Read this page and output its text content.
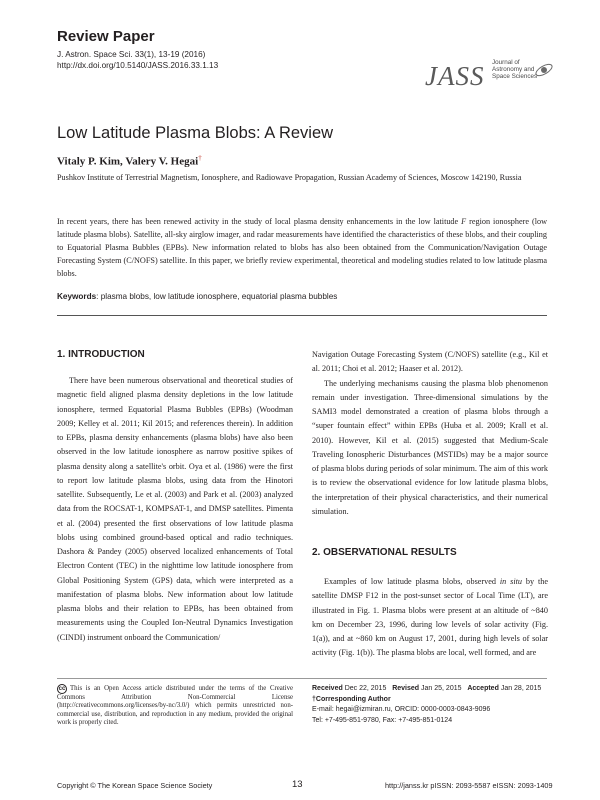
Review Paper
J. Astron. Space Sci. 33(1), 13-19 (2016)
http://dx.doi.org/10.5140/JASS.2016.33.1.13	JASS Journal of
Astronomy and
Space Sciences
Low Latitude Plasma Blobs: A Review
Vitaly P. Kim, Valery V. Hegai†
Pushkov Institute of Terrestrial Magnetism, Ionosphere, and Radiowave Propagation, Russian Academy of Sciences, Moscow 142190, Russia
In recent years, there has been renewed activity in the study of local plasma density enhancements in the low latitude F region ionosphere (low latitude plasma blobs). Satellite, all-sky airglow imager, and radar measurements have identified the characteristics of these blobs, and their coupling to Equatorial Plasma Bubbles (EPBs). New information related to blobs has also been obtained from the Communication/Navigation Outage Forecasting System (C/NOFS) satellite. In this paper, we briefly review experimental, theoretical and modeling studies related to low latitude plasma blobs.
Keywords: plasma blobs, low latitude ionosphere, equatorial plasma bubbles
1. INTRODUCTION

There have been numerous observational and theoretical studies of magnetic field aligned plasma density depletions in the low latitude ionosphere, termed Equatorial Plasma Bubbles (EPBs) (Woodman 2009; Kelley et al. 2011; Kil 2015; and references therein). In addition to EPBs, plasma density enhancements (plasma blobs) have also been observed in the low latitude ionosphere as narrow positive spikes of plasma density along a satellite's orbit. Oya et al. (1986) were the first to report low latitude plasma blobs, using data from the Hinotori satellite. Subsequently, Le et al. (2003) and Park et al. (2003) analyzed data from the ROCSAT-1, KOMPSAT-1, and DMSP satellites. Pimenta et al. (2004) presented the first observations of low latitude plasma blobs using combined ground-based optical and radio techniques. Dashora & Pandey (2005) observed localized enhancements of Total Electron Content (TEC) in the nighttime low latitude ionosphere from Global Positioning System (GPS) data, which were interpreted as a manifestation of plasma blobs. New information about low latitude plasma blobs and their relation to EPBs, has been obtained from measurements using the Coupled Ion-Neutral Dynamics Investigation (CINDI) instrument onboard the Communication/

Navigation Outage Forecasting System (C/NOFS) satellite (e.g., Kil et al. 2011; Choi et al. 2012; Haaser et al. 2012).

The underlying mechanisms causing the plasma blob phenomenon remain under investigation. Three-dimensional simulations by the SAMI3 model demonstrated a creation of plasma blobs through a “super fountain effect” within EPBs (Huba et al. 2009; Krall et al. 2010). However, Kil et al. (2015) suggested that Medium-Scale Traveling Ionospheric Disturbances (MSTIDs) may be a major source of plasma blobs during periods of solar minimum. The aim of this work is to review the observational evidence for low latitude plasma blobs, the interpretation of their physical characteristics, and their numerical simulation.

2. OBSERVATIONAL RESULTS

Examples of low latitude plasma blobs, observed in situ by the satellite DMSP F12 in the post-sunset sector of Local Time (LT), are illustrated in Fig. 1. Plasma blobs were present at an altitude of ~840 km on December 23, 1996, during low levels of solar activity (Fig. 1(a)), and at ~860 km on August 17, 2001, during high levels of solar activity (Fig. 1(b)). The plasma blobs are local, well formed, and are

cc This is an Open Access article distributed under the terms of the Creative Commons Attribution Non-Commercial License (http://creativecommons.org/licenses/by-nc/3.0/) which permits unrestricted non-commercial use, distribution, and reproduction in any medium, provided the original work is properly cited.
Received Dec 22, 2015 Revised Jan 25, 2015 Accepted Jan 28, 2015
†Corresponding Author
E-mail: hegai@izmiran.ru, ORCID: 0000-0003-0843-9096
Tel: +7-495-851-9780, Fax: +7-495-851-0124
Copyright © The Korean Space Science Society	13	http://janss.kr pISSN: 2093-5587 eISSN: 2093-1409
